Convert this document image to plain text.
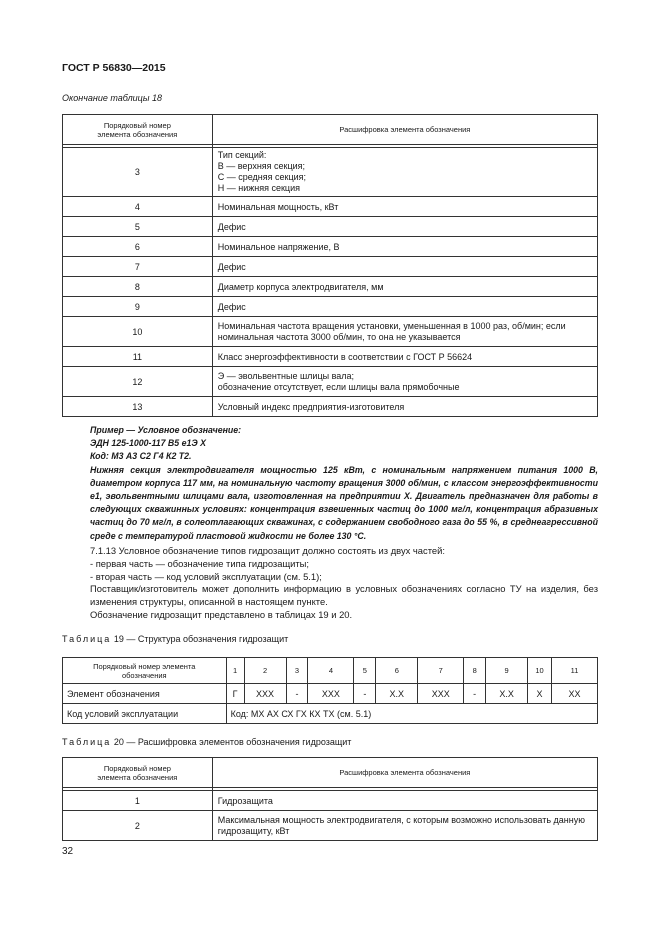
ГОСТ Р 56830—2015
Окончание таблицы 18
Порядковый номер
элемента обозначения	Расшифровка элемента обозначения

3	Тип секций:
В — верхняя секция;
С — средняя секция;
Н — нижняя секция
4	Номинальная мощность, кВт
5	Дефис
6	Номинальное напряжение, В
7	Дефис
8	Диаметр корпуса электродвигателя, мм
9	Дефис
10	Номинальная частота вращения установки, уменьшенная в 1000 раз, об/мин; если номинальная частота 3000 об/мин, то она не указывается
11	Класс энергоэффективности в соответствии с ГОСТ Р 56624
12	Э — эвольвентные шлицы вала;
обозначение отсутствует, если шлицы вала прямобочные
13	Условный индекс предприятия-изготовителя
Пример — Условное обозначение:
ЭДН 125-1000-117 В5 е1Э Х
Код: М3 А3 С2 Г4 К2 Т2.
Нижняя секция электродвигателя мощностью 125 кВт, с номинальным напряжением питания 1000 В, диаметром корпуса 117 мм, на номинальную частоту вращения 3000 об/мин, с классом энергоэффективности е1, эвольвентными шлицами вала, изготовленная на предприятии Х. Двигатель предназначен для работы в следующих скважинных условиях: концентрация взвешенных частиц до 1000 мг/л, концентрация абразивных частиц до 70 мг/л, в солеотлагающих скважинах, с содержанием свободного газа до 55 %, в среднеагрессивной среде с температурой пластовой жидкости не более 130 °С.
7.1.13 Условное обозначение типов гидрозащит должно состоять из двух частей:
- первая часть — обозначение типа гидрозащиты;
- вторая часть — код условий эксплуатации (см. 5.1);
Поставщик/изготовитель может дополнить информацию в условных обозначениях согласно ТУ на изделия, без изменения структуры, описанной в настоящем пункте.
Обозначение гидрозащит представлено в таблицах 19 и 20.
Таблица 19 — Структура обозначения гидрозащит
Порядковый номер элемента
обозначения	1	2	3	4	5	6	7	8	9	10	11
Элемент обозначения	Г	ХХХ	-	ХХХ	-	Х.Х	ХХХ	-	Х.Х	Х	ХХ
Код условий эксплуатации	Код: МХ АХ СХ ГХ КХ ТХ (см. 5.1)										
Таблица 20 — Расшифровка элементов обозначения гидрозащит
Порядковый номер
элемента обозначения	Расшифровка элемента обозначения

1	Гидрозащита
2	Максимальная мощность электродвигателя, с которым возможно использовать данную гидрозащиту, кВт
32
